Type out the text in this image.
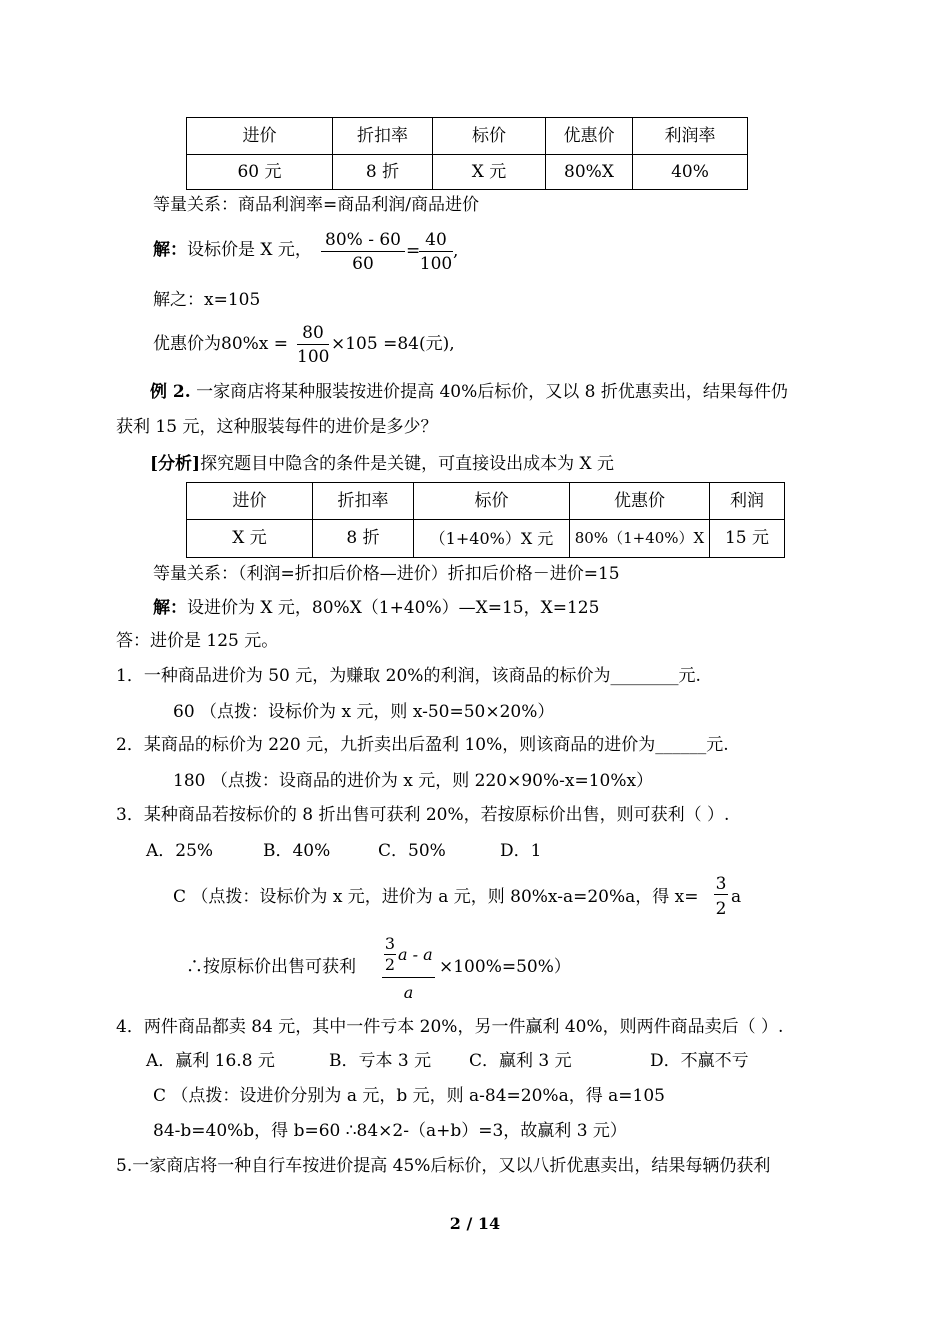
进价	折扣率	标价	优惠价	利润率
60 元	8 折	X 元	80%X	40%
等量关系：商品利润率=商品利润/商品进价
解：设标价是 X 元， 80% - 60
60
=
40
100
,
解之：x=105
优惠价为80%x =
80
100
×105 =84(元),
例 2. 一家商店将某种服装按进价提高 40%后标价，又以 8 折优惠卖出，结果每件仍
获利 15 元，这种服装每件的进价是多少？
[分析]探究题目中隐含的条件是关键，可直接设出成本为 X 元
进价	折扣率	标价	优惠价	利润
X 元	8 折	（1+40%）X 元	80%（1+40%）X	15 元
等量关系：（利润=折扣后价格—进价）折扣后价格－进价=15
解：设进价为 X 元，80%X（1+40%）—X=15，X=125
答：进价是 125 元。
1．一种商品进价为 50 元，为赚取 20%的利润，该商品的标价为________元.
60 （点拨：设标价为 x 元，则 x-50=50×20%）
2．某商品的标价为 220 元，九折卖出后盈利 10%，则该商品的进价为______元.
180 （点拨：设商品的进价为 x 元，则 220×90%-x=10%x）
3．某种商品若按标价的 8 折出售可获利 20%，若按原标价出售，则可获利（ ）.
A．25%	B．40%	C．50%	D．1
C （点拨：设标价为 x 元，进价为 a 元，则 80%x-a=20%a，得 x=
3
2
a
∴按原标价出售可获利
3
2
a - a
a
×100%=50%）
4．两件商品都卖 84 元，其中一件亏本 20%，另一件赢利 40%，则两件商品卖后（ ）.
A．赢利 16.8 元	B．亏本 3 元 C．赢利 3 元	D．不赢不亏
C （点拨：设进价分别为 a 元，b 元，则 a-84=20%a，得 a=105
84-b=40%b，得 b=60 ∴84×2-（a+b）=3，故赢利 3 元）
5.一家商店将一种自行车按进价提高 45%后标价，又以八折优惠卖出，结果每辆仍获利
2 / 14
